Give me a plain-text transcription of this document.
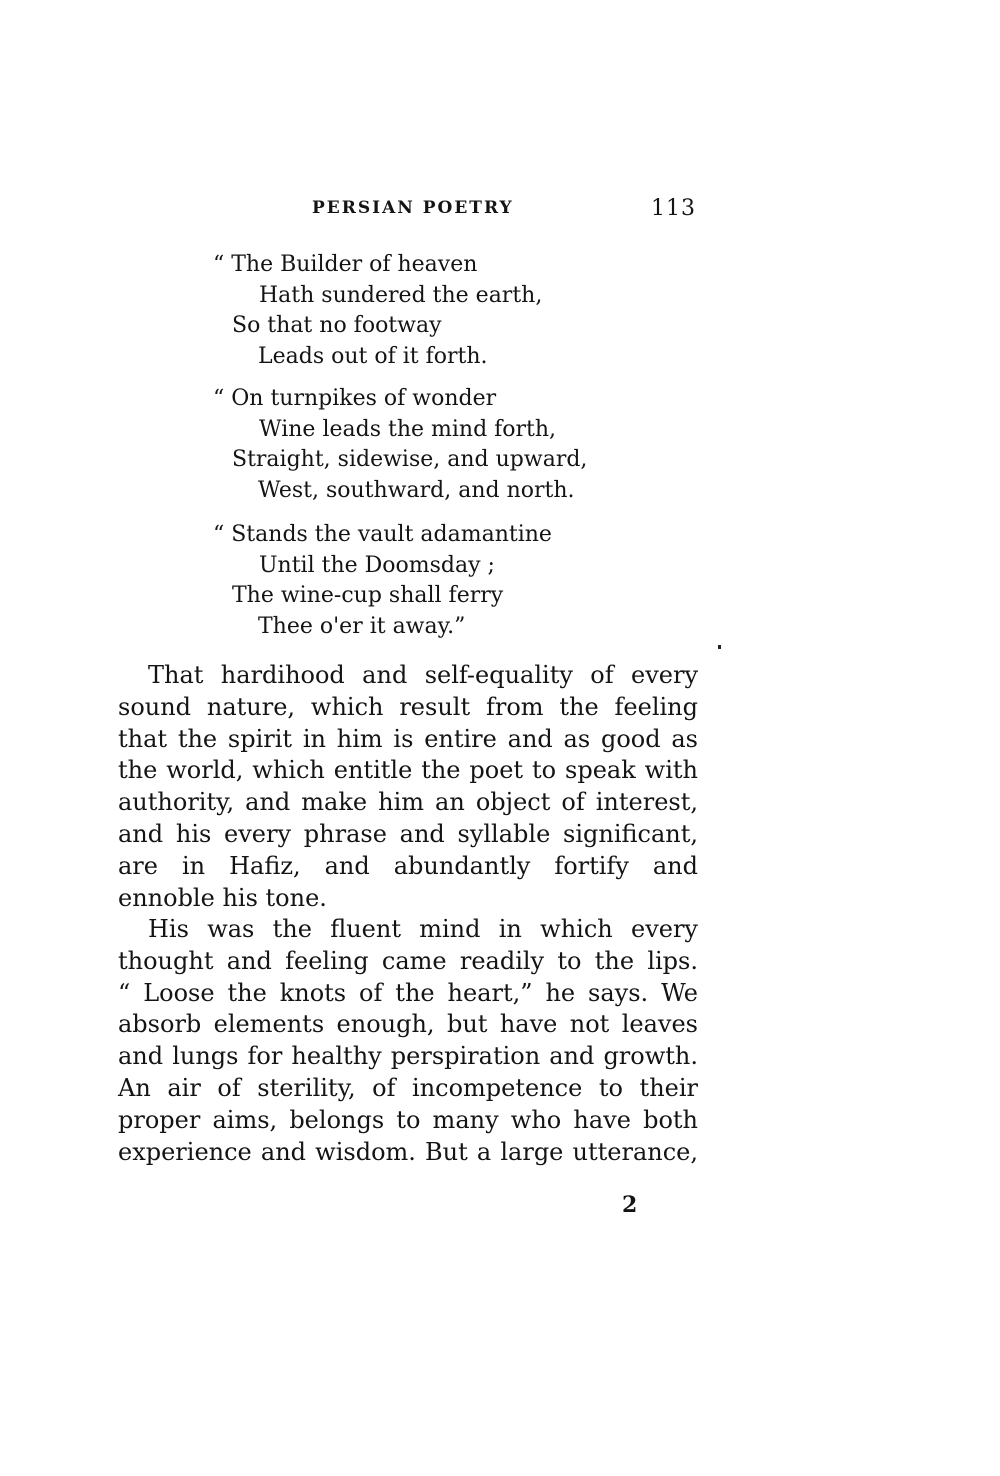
PERSIAN POETRY	113
“ The Builder of heaven
Hath sundered the earth,
So that no footway
Leads out of it forth.
“ On turnpikes of wonder
Wine leads the mind forth,
Straight, sidewise, and upward,
West, southward, and north.
“ Stands the vault adamantine
Until the Doomsday ;
The wine-cup shall ferry
Thee o'er it away.”
That hardihood and self-equality of every
sound nature, which result from the feeling
that the spirit in him is entire and as good as
the world, which entitle the poet to speak with
authority, and make him an object of interest,
and his every phrase and syllable significant,
are in Hafiz, and abundantly fortify and
ennoble his tone.
His was the fluent mind in which every
thought and feeling came readily to the lips.
“ Loose the knots of the heart,” he says. We
absorb elements enough, but have not leaves
and lungs for healthy perspiration and growth.
An air of sterility, of incompetence to their
proper aims, belongs to many who have both
experience and wisdom. But a large utterance,
2
